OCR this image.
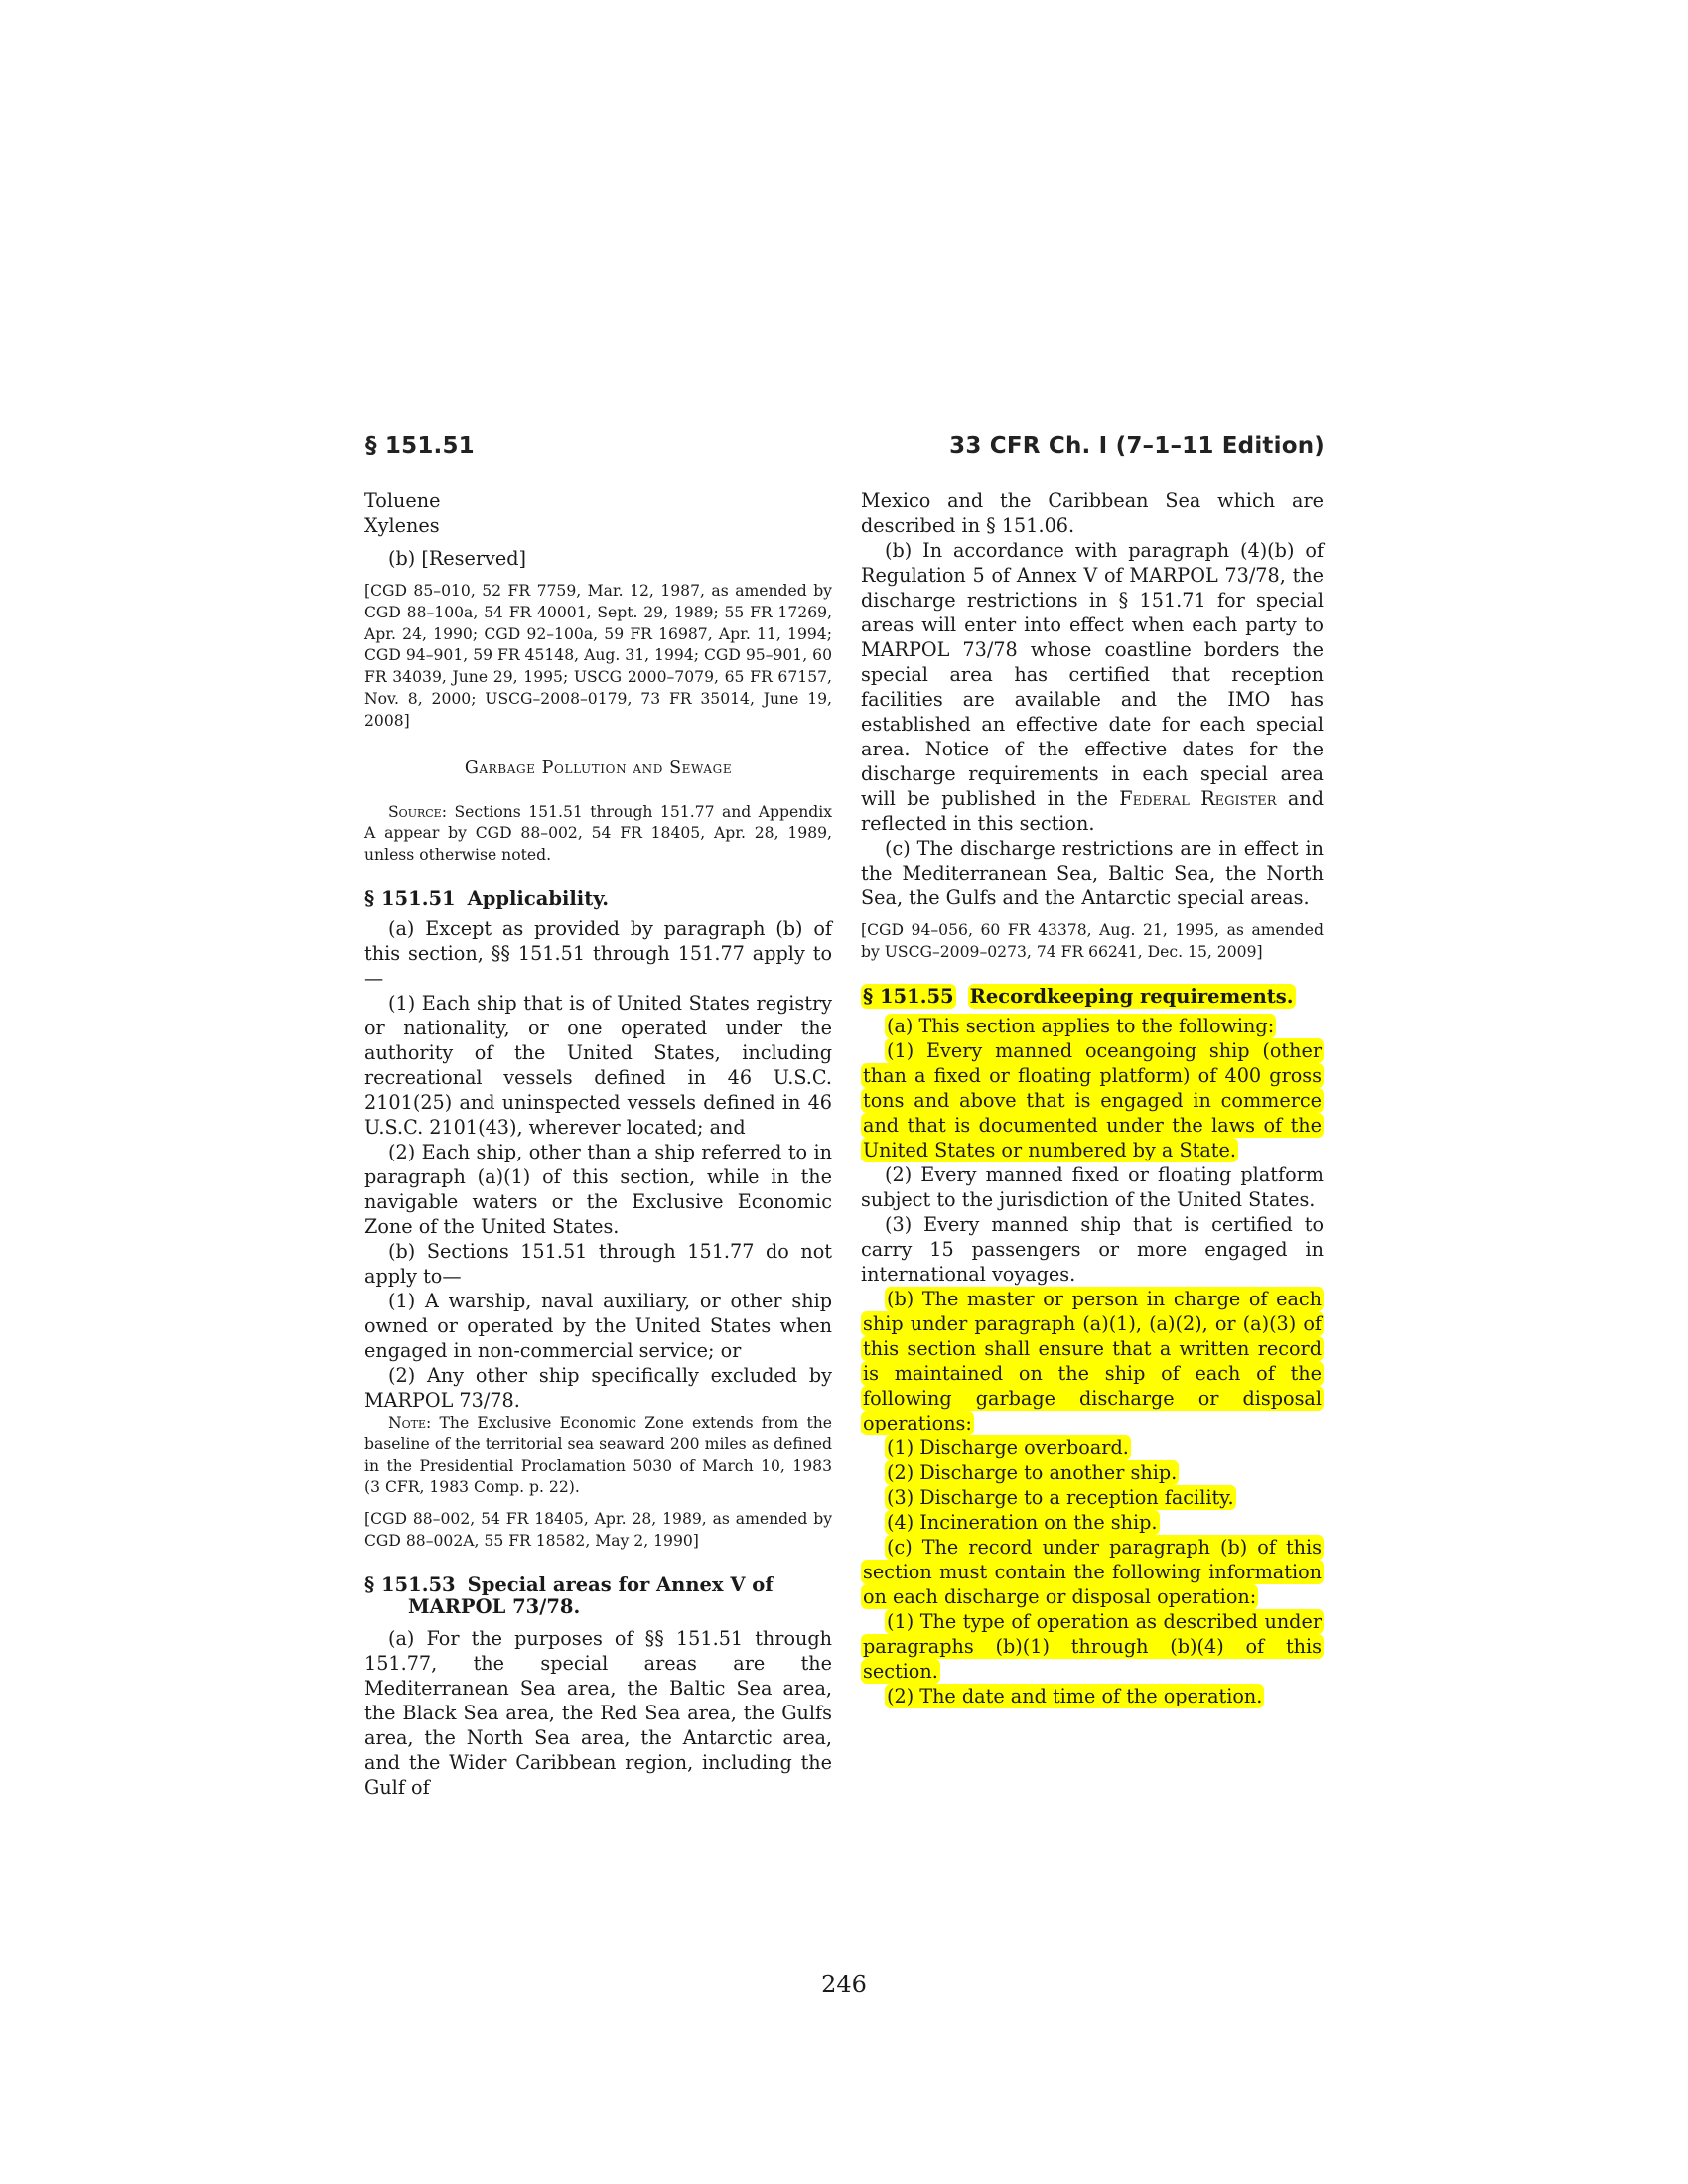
§ 151.51	33 CFR Ch. I (7–1–11 Edition)

Toluene

Xylenes

(b) [Reserved]

[CGD 85–010, 52 FR 7759, Mar. 12, 1987, as amended by CGD 88–100a, 54 FR 40001, Sept. 29, 1989; 55 FR 17269, Apr. 24, 1990; CGD 92–100a, 59 FR 16987, Apr. 11, 1994; CGD 94–901, 59 FR 45148, Aug. 31, 1994; CGD 95–901, 60 FR 34039, June 29, 1995; USCG 2000–7079, 65 FR 67157, Nov. 8, 2000; USCG–2008–0179, 73 FR 35014, June 19, 2008]

Garbage Pollution and Sewage

Source: Sections 151.51 through 151.77 and Appendix A appear by CGD 88–002, 54 FR 18405, Apr. 28, 1989, unless otherwise noted.

§ 151.51 Applicability.

(a) Except as provided by paragraph (b) of this section, §§ 151.51 through 151.77 apply to—

(1) Each ship that is of United States registry or nationality, or one operated under the authority of the United States, including recreational vessels defined in 46 U.S.C. 2101(25) and uninspected vessels defined in 46 U.S.C. 2101(43), wherever located; and

(2) Each ship, other than a ship referred to in paragraph (a)(1) of this section, while in the navigable waters or the Exclusive Economic Zone of the United States.

(b) Sections 151.51 through 151.77 do not apply to—

(1) A warship, naval auxiliary, or other ship owned or operated by the United States when engaged in non-commercial service; or

(2) Any other ship specifically excluded by MARPOL 73/78.

Note: The Exclusive Economic Zone extends from the baseline of the territorial sea seaward 200 miles as defined in the Presidential Proclamation 5030 of March 10, 1983 (3 CFR, 1983 Comp. p. 22).

[CGD 88–002, 54 FR 18405, Apr. 28, 1989, as amended by CGD 88–002A, 55 FR 18582, May 2, 1990]

§ 151.53 Special areas for Annex V of MARPOL 73/78.

(a) For the purposes of §§ 151.51 through 151.77, the special areas are the Mediterranean Sea area, the Baltic Sea area, the Black Sea area, the Red Sea area, the Gulfs area, the North Sea area, the Antarctic area, and the Wider Caribbean region, including the Gulf of

Mexico and the Caribbean Sea which are described in § 151.06.

(b) In accordance with paragraph (4)(b) of Regulation 5 of Annex V of MARPOL 73/78, the discharge restrictions in § 151.71 for special areas will enter into effect when each party to MARPOL 73/78 whose coastline borders the special area has certified that reception facilities are available and the IMO has established an effective date for each special area. Notice of the effective dates for the discharge requirements in each special area will be published in the Federal Register and reflected in this section.

(c) The discharge restrictions are in effect in the Mediterranean Sea, Baltic Sea, the North Sea, the Gulfs and the Antarctic special areas.

[CGD 94–056, 60 FR 43378, Aug. 21, 1995, as amended by USCG–2009–0273, 74 FR 66241, Dec. 15, 2009]

§ 151.55 Recordkeeping requirements.

(a) This section applies to the following:

(1) Every manned oceangoing ship (other than a fixed or floating platform) of 400 gross tons and above that is engaged in commerce and that is documented under the laws of the United States or numbered by a State.

(2) Every manned fixed or floating platform subject to the jurisdiction of the United States.

(3) Every manned ship that is certified to carry 15 passengers or more engaged in international voyages.

(b) The master or person in charge of each ship under paragraph (a)(1), (a)(2), or (a)(3) of this section shall ensure that a written record is maintained on the ship of each of the following garbage discharge or disposal operations:

(1) Discharge overboard.

(2) Discharge to another ship.

(3) Discharge to a reception facility.

(4) Incineration on the ship.

(c) The record under paragraph (b) of this section must contain the following information on each discharge or disposal operation:

(1) The type of operation as described under paragraphs (b)(1) through (b)(4) of this section.

(2) The date and time of the operation.

246
